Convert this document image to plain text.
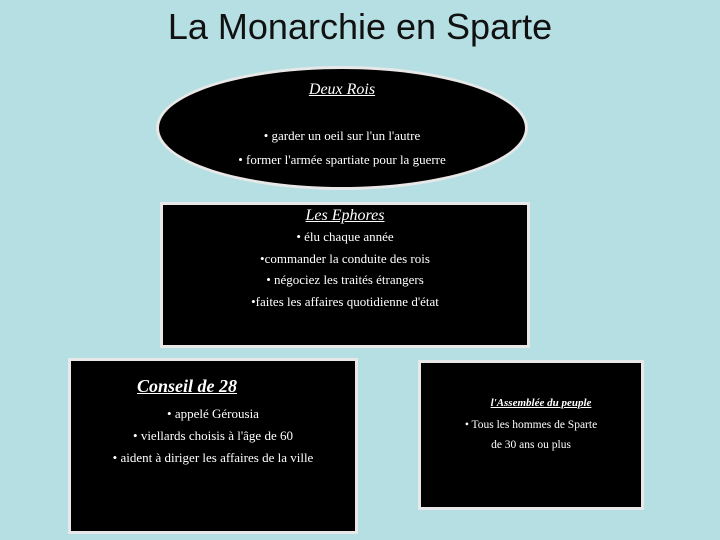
La Monarchie en Sparte
Deux Rois
• garder un oeil sur l'un l'autre
• former l'armée spartiate pour la guerre
Les Ephores
• élu chaque année
•commander la conduite des rois
• négociez les traités étrangers
•faites les affaires quotidienne d'état
Conseil de 28
• appelé Gérousia
• viellards choisis à l'âge de 60
• aident à diriger les affaires de la ville
l'Assemblée du peuple
• Tous les hommes de Sparte
de 30 ans ou plus
